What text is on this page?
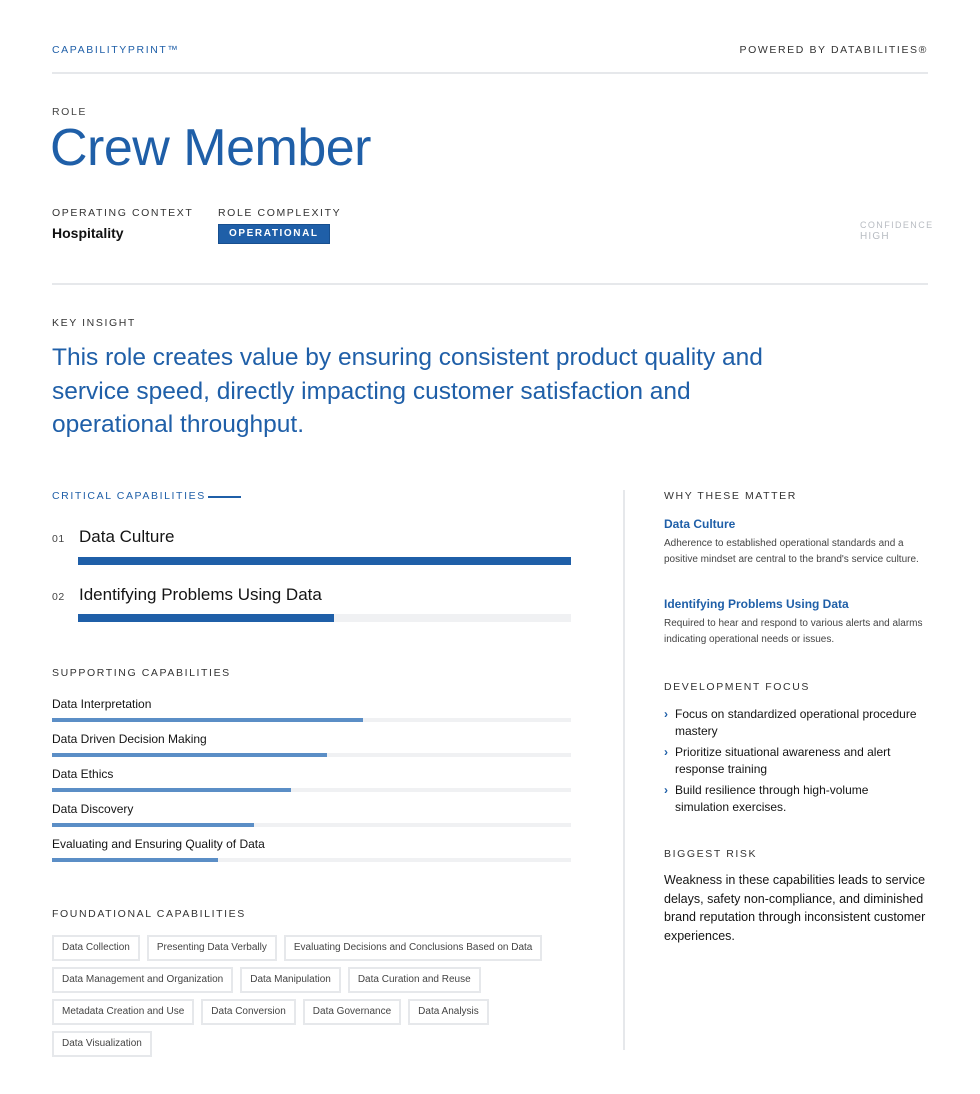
CAPABILITYPRINT™	POWERED BY DATABILITIES®
ROLE
Crew Member
OPERATING CONTEXT
Hospitality
ROLE COMPLEXITY
OPERATIONAL
CONFIDENCE
HIGH
KEY INSIGHT
This role creates value by ensuring consistent product quality and service speed, directly impacting customer satisfaction and operational throughput.
CRITICAL CAPABILITIES
01 Data Culture
02 Identifying Problems Using Data
SUPPORTING CAPABILITIES
Data Interpretation
Data Driven Decision Making
Data Ethics
Data Discovery
Evaluating and Ensuring Quality of Data
FOUNDATIONAL CAPABILITIES
Data Collection	Presenting Data Verbally	Evaluating Decisions and Conclusions Based on Data
Data Management and Organization	Data Manipulation	Data Curation and Reuse
Metadata Creation and Use	Data Conversion	Data Governance	Data Analysis
Data Visualization
WHY THESE MATTER
Data Culture
Adherence to established operational standards and a positive mindset are central to the brand's service culture.
Identifying Problems Using Data
Required to hear and respond to various alerts and alarms indicating operational needs or issues.
DEVELOPMENT FOCUS
› Focus on standardized operational procedure mastery
› Prioritize situational awareness and alert response training
› Build resilience through high-volume simulation exercises.
BIGGEST RISK
Weakness in these capabilities leads to service delays, safety non-compliance, and diminished brand reputation through inconsistent customer experiences.
